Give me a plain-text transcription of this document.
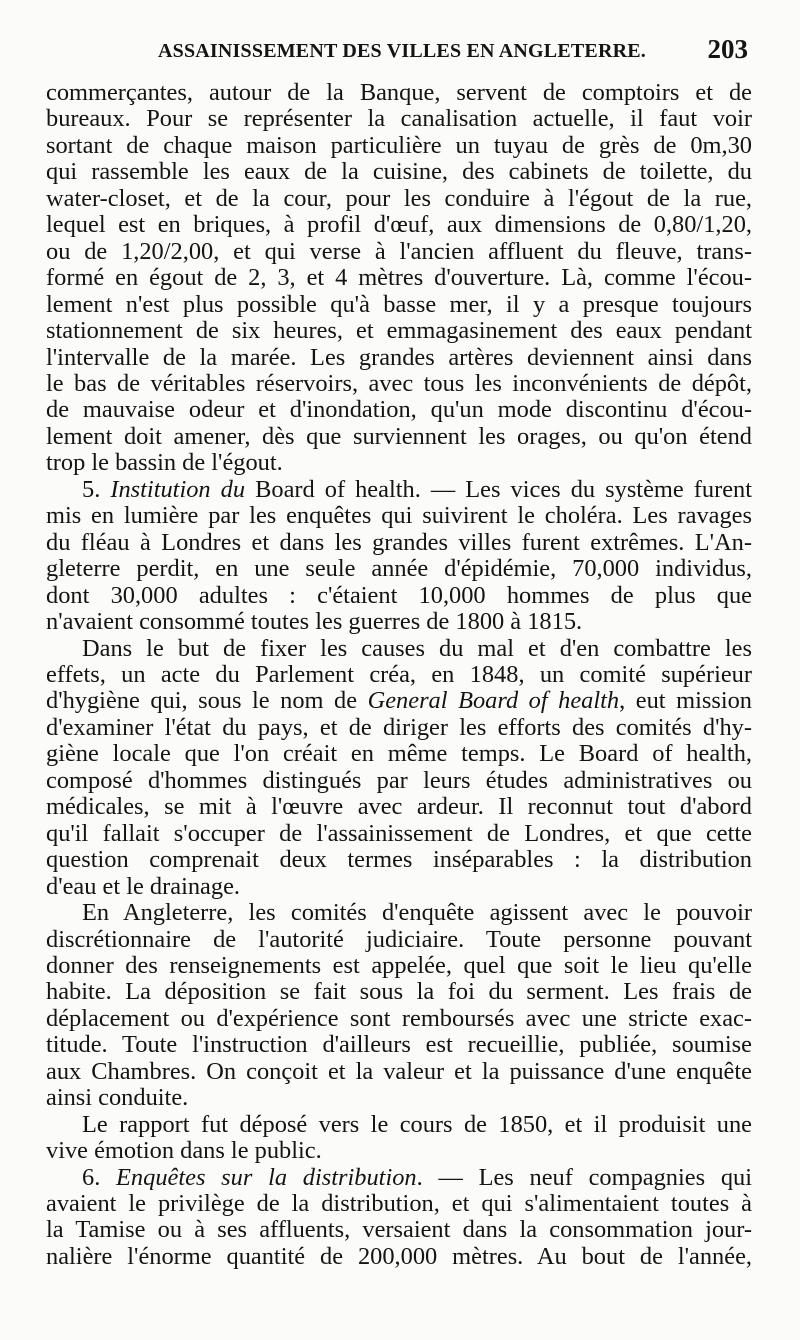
ASSAINISSEMENT DES VILLES EN ANGLETERRE. 203
commerçantes, autour de la Banque, servent de comptoirs et de
bureaux. Pour se représenter la canalisation actuelle, il faut voir
sortant de chaque maison particulière un tuyau de grès de 0m,30
qui rassemble les eaux de la cuisine, des cabinets de toilette, du
water-closet, et de la cour, pour les conduire à l'égout de la rue,
lequel est en briques, à profil d'œuf, aux dimensions de 0,80/1,20,
ou de 1,20/2,00, et qui verse à l'ancien affluent du fleuve, trans-
formé en égout de 2, 3, et 4 mètres d'ouverture. Là, comme l'écou-
lement n'est plus possible qu'à basse mer, il y a presque toujours
stationnement de six heures, et emmagasinement des eaux pendant
l'intervalle de la marée. Les grandes artères deviennent ainsi dans
le bas de véritables réservoirs, avec tous les inconvénients de dépôt,
de mauvaise odeur et d'inondation, qu'un mode discontinu d'écou-
lement doit amener, dès que surviennent les orages, ou qu'on étend
trop le bassin de l'égout.
5. Institution du Board of health. — Les vices du système furent
mis en lumière par les enquêtes qui suivirent le choléra. Les ravages
du fléau à Londres et dans les grandes villes furent extrêmes. L'An-
gleterre perdit, en une seule année d'épidémie, 70,000 individus,
dont 30,000 adultes : c'étaient 10,000 hommes de plus que
n'avaient consommé toutes les guerres de 1800 à 1815.
Dans le but de fixer les causes du mal et d'en combattre les
effets, un acte du Parlement créa, en 1848, un comité supérieur
d'hygiène qui, sous le nom de General Board of health, eut mission
d'examiner l'état du pays, et de diriger les efforts des comités d'hy-
giène locale que l'on créait en même temps. Le Board of health,
composé d'hommes distingués par leurs études administratives ou
médicales, se mit à l'œuvre avec ardeur. Il reconnut tout d'abord
qu'il fallait s'occuper de l'assainissement de Londres, et que cette
question comprenait deux termes inséparables : la distribution
d'eau et le drainage.
En Angleterre, les comités d'enquête agissent avec le pouvoir
discrétionnaire de l'autorité judiciaire. Toute personne pouvant
donner des renseignements est appelée, quel que soit le lieu qu'elle
habite. La déposition se fait sous la foi du serment. Les frais de
déplacement ou d'expérience sont remboursés avec une stricte exac-
titude. Toute l'instruction d'ailleurs est recueillie, publiée, soumise
aux Chambres. On conçoit et la valeur et la puissance d'une enquête
ainsi conduite.
Le rapport fut déposé vers le cours de 1850, et il produisit une
vive émotion dans le public.
6. Enquêtes sur la distribution. — Les neuf compagnies qui
avaient le privilège de la distribution, et qui s'alimentaient toutes à
la Tamise ou à ses affluents, versaient dans la consommation jour-
nalière l'énorme quantité de 200,000 mètres. Au bout de l'année,
